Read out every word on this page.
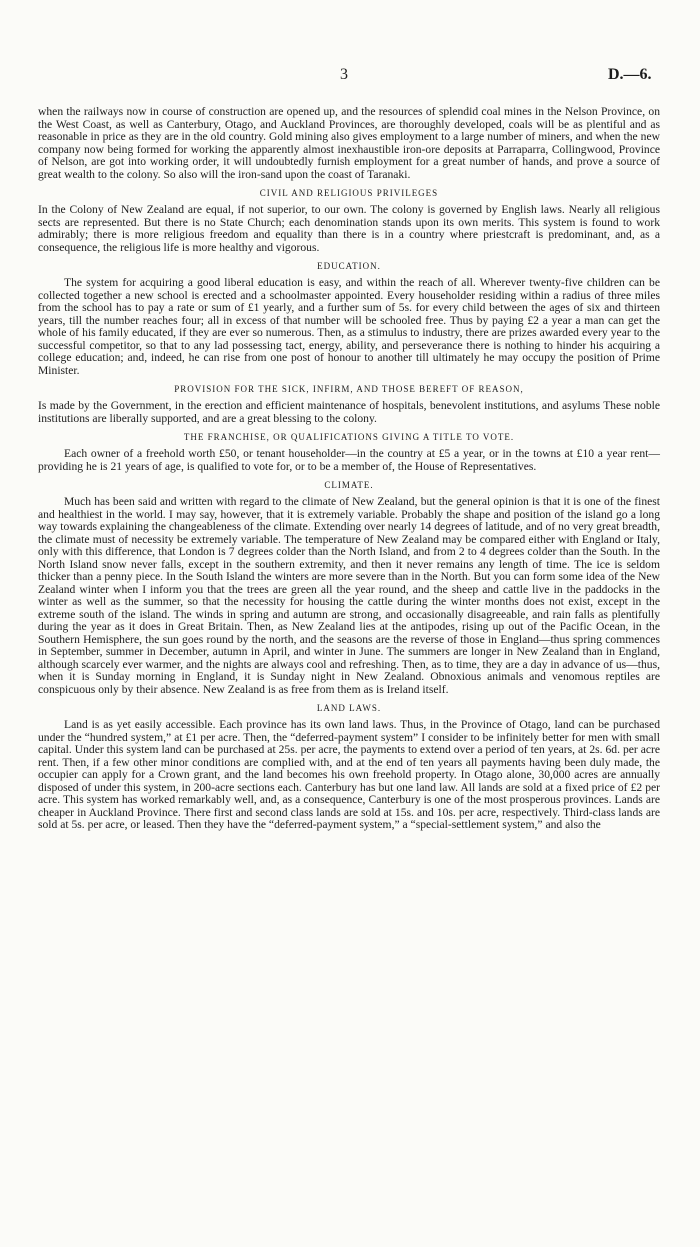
3	D.—6.

when the railways now in course of construction are opened up, and the resources of splendid coal mines in the Nelson Province, on the West Coast, as well as Canterbury, Otago, and Auckland Provinces, are thoroughly developed, coals will be as plentiful and as reasonable in price as they are in the old country. Gold mining also gives employment to a large number of miners, and when the new company now being formed for working the apparently almost inexhaustible iron-ore deposits at Parraparra, Collingwood, Province of Nelson, are got into working order, it will undoubtedly furnish employment for a great number of hands, and prove a source of great wealth to the colony. So also will the iron-sand upon the coast of Taranaki.

CIVIL AND RELIGIOUS PRIVILEGES

In the Colony of New Zealand are equal, if not superior, to our own. The colony is governed by English laws. Nearly all religious sects are represented. But there is no State Church; each denomination stands upon its own merits. This system is found to work admirably; there is more religious freedom and equality than there is in a country where priestcraft is predominant, and, as a consequence, the religious life is more healthy and vigorous.

EDUCATION.

The system for acquiring a good liberal education is easy, and within the reach of all. Wherever twenty-five children can be collected together a new school is erected and a schoolmaster appointed. Every householder residing within a radius of three miles from the school has to pay a rate or sum of £1 yearly, and a further sum of 5s. for every child between the ages of six and thirteen years, till the number reaches four; all in excess of that number will be schooled free. Thus by paying £2 a year a man can get the whole of his family educated, if they are ever so numerous. Then, as a stimulus to industry, there are prizes awarded every year to the successful competitor, so that to any lad possessing tact, energy, ability, and perseverance there is nothing to hinder his acquiring a college education; and, indeed, he can rise from one post of honour to another till ultimately he may occupy the position of Prime Minister.

PROVISION FOR THE SICK, INFIRM, AND THOSE BEREFT OF REASON,

Is made by the Government, in the erection and efficient maintenance of hospitals, benevolent institutions, and asylums These noble institutions are liberally supported, and are a great blessing to the colony.

THE FRANCHISE, OR QUALIFICATIONS GIVING A TITLE TO VOTE.

Each owner of a freehold worth £50, or tenant householder—in the country at £5 a year, or in the towns at £10 a year rent—providing he is 21 years of age, is qualified to vote for, or to be a member of, the House of Representatives.

CLIMATE.

Much has been said and written with regard to the climate of New Zealand, but the general opinion is that it is one of the finest and healthiest in the world. I may say, however, that it is extremely variable. Probably the shape and position of the island go a long way towards explaining the changeableness of the climate. Extending over nearly 14 degrees of latitude, and of no very great breadth, the climate must of necessity be extremely variable. The temperature of New Zealand may be compared either with England or Italy, only with this difference, that London is 7 degrees colder than the North Island, and from 2 to 4 degrees colder than the South. In the North Island snow never falls, except in the southern extremity, and then it never remains any length of time. The ice is seldom thicker than a penny piece. In the South Island the winters are more severe than in the North. But you can form some idea of the New Zealand winter when I inform you that the trees are green all the year round, and the sheep and cattle live in the paddocks in the winter as well as the summer, so that the necessity for housing the cattle during the winter months does not exist, except in the extreme south of the island. The winds in spring and autumn are strong, and occasionally disagreeable, and rain falls as plentifully during the year as it does in Great Britain. Then, as New Zealand lies at the antipodes, rising up out of the Pacific Ocean, in the Southern Hemisphere, the sun goes round by the north, and the seasons are the reverse of those in England—thus spring commences in September, summer in December, autumn in April, and winter in June. The summers are longer in New Zealand than in England, although scarcely ever warmer, and the nights are always cool and refreshing. Then, as to time, they are a day in advance of us—thus, when it is Sunday morning in England, it is Sunday night in New Zealand. Obnoxious animals and venomous reptiles are conspicuous only by their absence. New Zealand is as free from them as is Ireland itself.

LAND LAWS.

Land is as yet easily accessible. Each province has its own land laws. Thus, in the Province of Otago, land can be purchased under the “hundred system,” at £1 per acre. Then, the “deferred-payment system” I consider to be infinitely better for men with small capital. Under this system land can be purchased at 25s. per acre, the payments to extend over a period of ten years, at 2s. 6d. per acre rent. Then, if a few other minor conditions are complied with, and at the end of ten years all payments having been duly made, the occupier can apply for a Crown grant, and the land becomes his own freehold property. In Otago alone, 30,000 acres are annually disposed of under this system, in 200-acre sections each. Canterbury has but one land law. All lands are sold at a fixed price of £2 per acre. This system has worked remarkably well, and, as a consequence, Canterbury is one of the most prosperous provinces. Lands are cheaper in Auckland Province. There first and second class lands are sold at 15s. and 10s. per acre, respectively. Third-class lands are sold at 5s. per acre, or leased. Then they have the “deferred-payment system,” a “special-settlement system,” and also the
